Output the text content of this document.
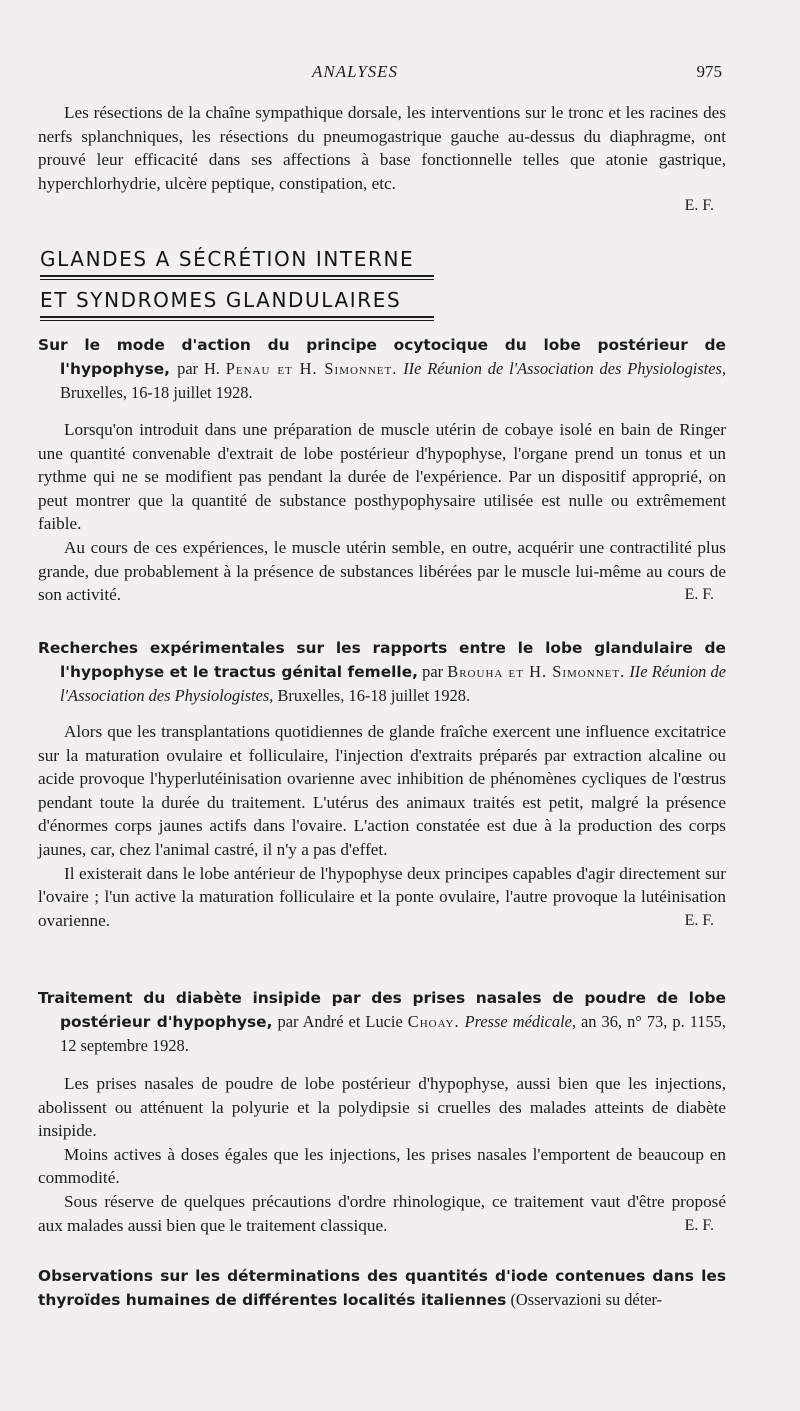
ANALYSES	975

Les résections de la chaîne sympathique dorsale, les interventions sur le tronc et les racines des nerfs splanchniques, les résections du pneumogastrique gauche au-dessus du diaphragme, ont prouvé leur efficacité dans ses affections à base fonctionnelle telles que atonie gastrique, hyperchlorhydrie, ulcère peptique, constipation, etc.

E. F.
GLANDES A SÉCRÉTION INTERNE
ET SYNDROMES GLANDULAIRES
Sur le mode d'action du principe ocytocique du lobe postérieur de l'hypophyse, par H. Penau et H. Simonnet. IIe Réunion de l'Association des Physiologistes, Bruxelles, 16-18 juillet 1928.

Lorsqu'on introduit dans une préparation de muscle utérin de cobaye isolé en bain de Ringer une quantité convenable d'extrait de lobe postérieur d'hypophyse, l'organe prend un tonus et un rythme qui ne se modifient pas pendant la durée de l'expérience. Par un dispositif approprié, on peut montrer que la quantité de substance posthypophysaire utilisée est nulle ou extrêmement faible.

Au cours de ces expériences, le muscle utérin semble, en outre, acquérir une contractilité plus grande, due probablement à la présence de substances libérées par le muscle lui-même au cours de son activité.	E. F.

Recherches expérimentales sur les rapports entre le lobe glandulaire de l'hypophyse et le tractus génital femelle, par Brouha et H. Simonnet. IIe Réunion de l'Association des Physiologistes, Bruxelles, 16-18 juillet 1928.

Alors que les transplantations quotidiennes de glande fraîche exercent une influence excitatrice sur la maturation ovulaire et folliculaire, l'injection d'extraits préparés par extraction alcaline ou acide provoque l'hyperlutéinisation ovarienne avec inhibition de phénomènes cycliques de l'œstrus pendant toute la durée du traitement. L'utérus des animaux traités est petit, malgré la présence d'énormes corps jaunes actifs dans l'ovaire. L'action constatée est due à la production des corps jaunes, car, chez l'animal castré, il n'y a pas d'effet.

Il existerait dans le lobe antérieur de l'hypophyse deux principes capables d'agir directement sur l'ovaire ; l'un active la maturation folliculaire et la ponte ovulaire, l'autre provoque la lutéinisation ovarienne.	E. F.

Traitement du diabète insipide par des prises nasales de poudre de lobe postérieur d'hypophyse, par André et Lucie Choay. Presse médicale, an 36, n° 73, p. 1155, 12 septembre 1928.

Les prises nasales de poudre de lobe postérieur d'hypophyse, aussi bien que les injections, abolissent ou atténuent la polyurie et la polydipsie si cruelles des malades atteints de diabète insipide.

Moins actives à doses égales que les injections, les prises nasales l'emportent de beaucoup en commodité.

Sous réserve de quelques précautions d'ordre rhinologique, ce traitement vaut d'être proposé aux malades aussi bien que le traitement classique.	E. F.

Observations sur les déterminations des quantités d'iode contenues dans les thyroïdes humaines de différentes localités italiennes (Osservazioni su déter-
